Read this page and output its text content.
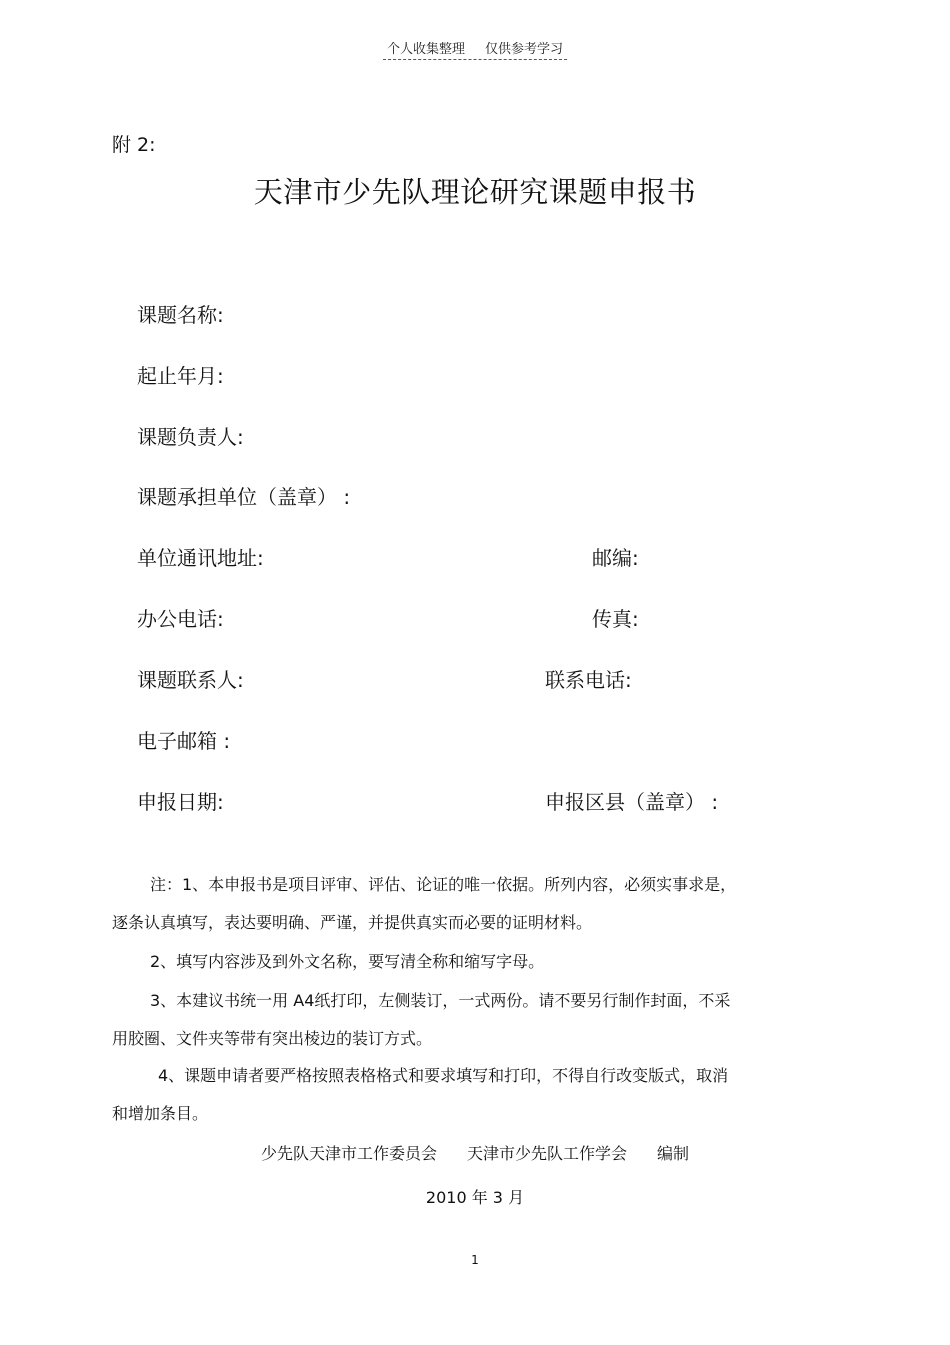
个人收集整理 仅供参考学习
附 2:
天津市少先队理论研究课题申报书
课题名称:
起止年月:
课题负责人:
课题承担单位（盖章） :
单位通讯地址:	邮编:
办公电话:	传真:
课题联系人:	联系电话:
电子邮箱 :
申报日期:	申报区县（盖章） :
注：1、本申报书是项目评审、评估、论证的唯一依据。所列内容，必须实事求是，
逐条认真填写，表达要明确、严谨，并提供真实而必要的证明材料。
2、填写内容涉及到外文名称，要写清全称和缩写字母。
3、本建议书统一用 A4纸打印，左侧装订，一式两份。请不要另行制作封面，不采
用胶圈、文件夹等带有突出棱边的装订方式。
4、课题申请者要严格按照表格格式和要求填写和打印，不得自行改变版式，取消
和增加条目。
少先队天津市工作委员会 天津市少先队工作学会 编制
2010 年 3 月
1
